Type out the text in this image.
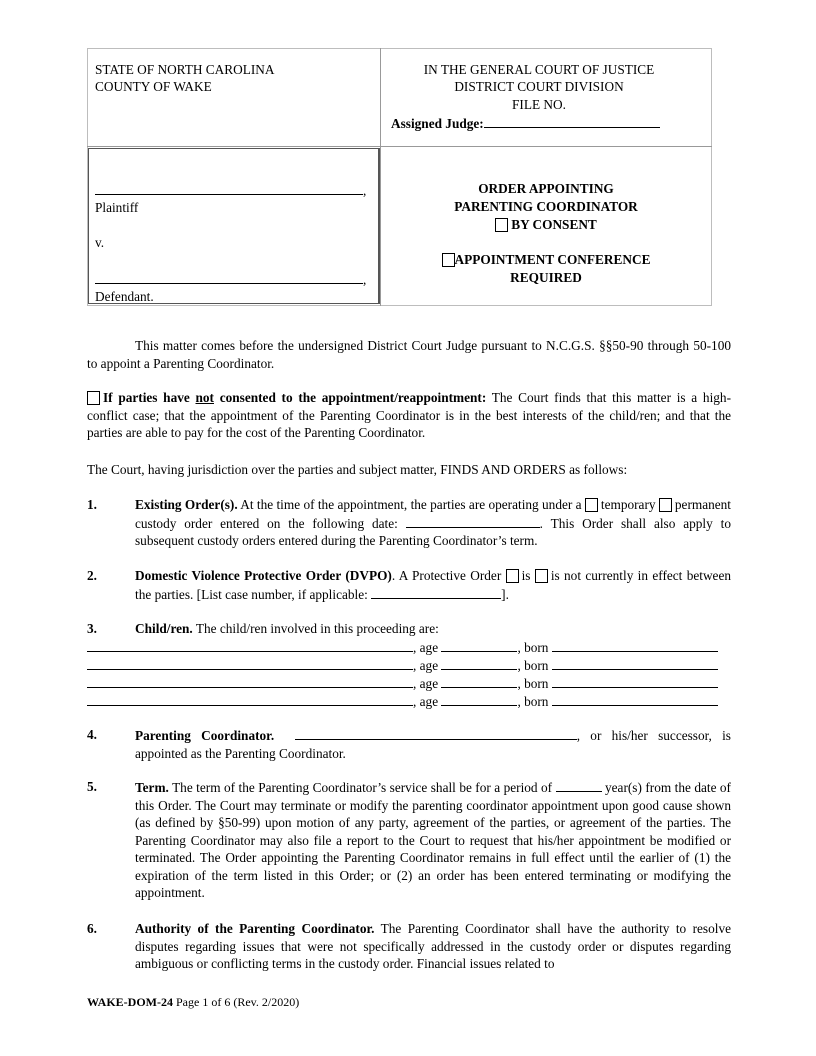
STATE OF NORTH CAROLINA
COUNTY OF WAKE
IN THE GENERAL COURT OF JUSTICE
DISTRICT COURT DIVISION
FILE NO.
Assigned Judge:
,
Plaintiff
v.
,
Defendant.
ORDER APPOINTING
PARENTING COORDINATOR
BY CONSENT
APPOINTMENT CONFERENCE
REQUIRED
This matter comes before the undersigned District Court Judge pursuant to N.C.G.S. §§50-90 through 50-100 to appoint a Parenting Coordinator.
If parties have not consented to the appointment/reappointment: The Court finds that this matter is a high-conflict case; that the appointment of the Parenting Coordinator is in the best interests of the child/ren; and that the parties are able to pay for the cost of the Parenting Coordinator.
The Court, having jurisdiction over the parties and subject matter, FINDS AND ORDERS as follows:
1.	Existing Order(s). At the time of the appointment, the parties are operating under a temporary permanent custody order entered on the following date:	. This Order shall also apply to subsequent custody orders entered during the Parenting Coordinator’s term.
2.	Domestic Violence Protective Order (DVPO). A Protective Order is is not currently in effect between the parties. [List case number, if applicable:	].
3.	Child/ren. The child/ren involved in this proceeding are:
, age	, born
, age	, born
, age	, born
, age	, born
4.	Parenting Coordinator.	, or his/her successor, is appointed as the Parenting Coordinator.
5.	Term. The term of the Parenting Coordinator’s service shall be for a period of	year(s) from the date of this Order. The Court may terminate or modify the parenting coordinator appointment upon good cause shown (as defined by §50-99) upon motion of any party, agreement of the parties, or agreement of the parties. The Parenting Coordinator may also file a report to the Court to request that his/her appointment be modified or terminated. The Order appointing the Parenting Coordinator remains in full effect until the earlier of (1) the expiration of the term listed in this Order; or (2) an order has been entered terminating or modifying the appointment.
6.	Authority of the Parenting Coordinator. The Parenting Coordinator shall have the authority to resolve disputes regarding issues that were not specifically addressed in the custody order or disputes regarding ambiguous or conflicting terms in the custody order. Financial issues related to
WAKE-DOM-24 Page 1 of 6 (Rev. 2/2020)
